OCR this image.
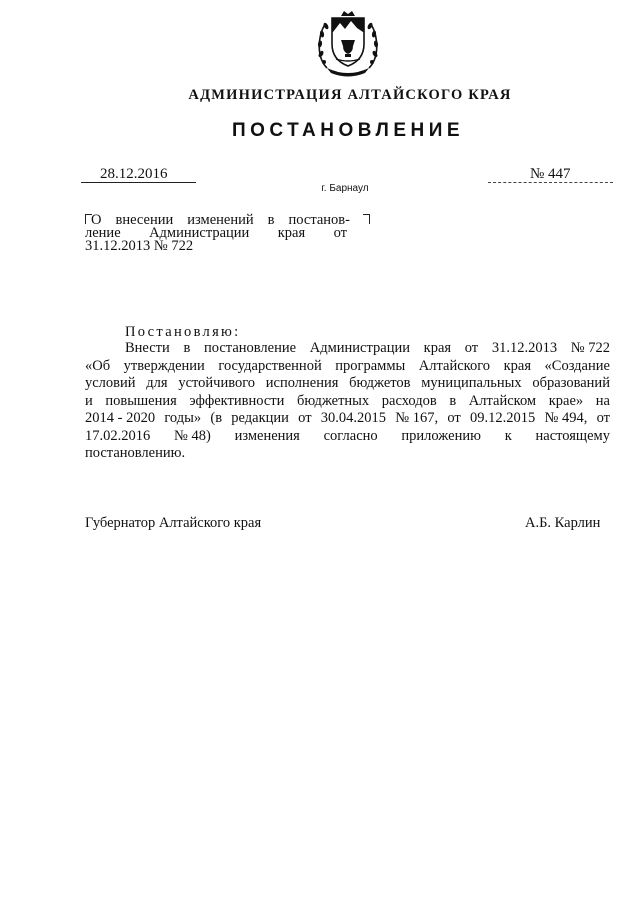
АДМИНИСТРАЦИЯ АЛТАЙСКОГО КРАЯ
ПОСТАНОВЛЕНИЕ
28.12.2016	№ 447
г. Барнаул
О внесении изменений в постанов-
ление Администрации края от
31.12.2013 № 722
Постановляю:
Внести в постановление Администрации края от 31.12.2013 № 722
«Об утверждении государственной программы Алтайского края «Создание
условий для устойчивого исполнения бюджетов муниципальных образований
и повышения эффективности бюджетных расходов в Алтайском крае» на
2014 - 2020 годы» (в редакции от 30.04.2015 № 167, от 09.12.2015 № 494, от
17.02.2016 № 48) изменения согласно приложению к настоящему
постановлению.
Губернатор Алтайского края	А.Б. Карлин
